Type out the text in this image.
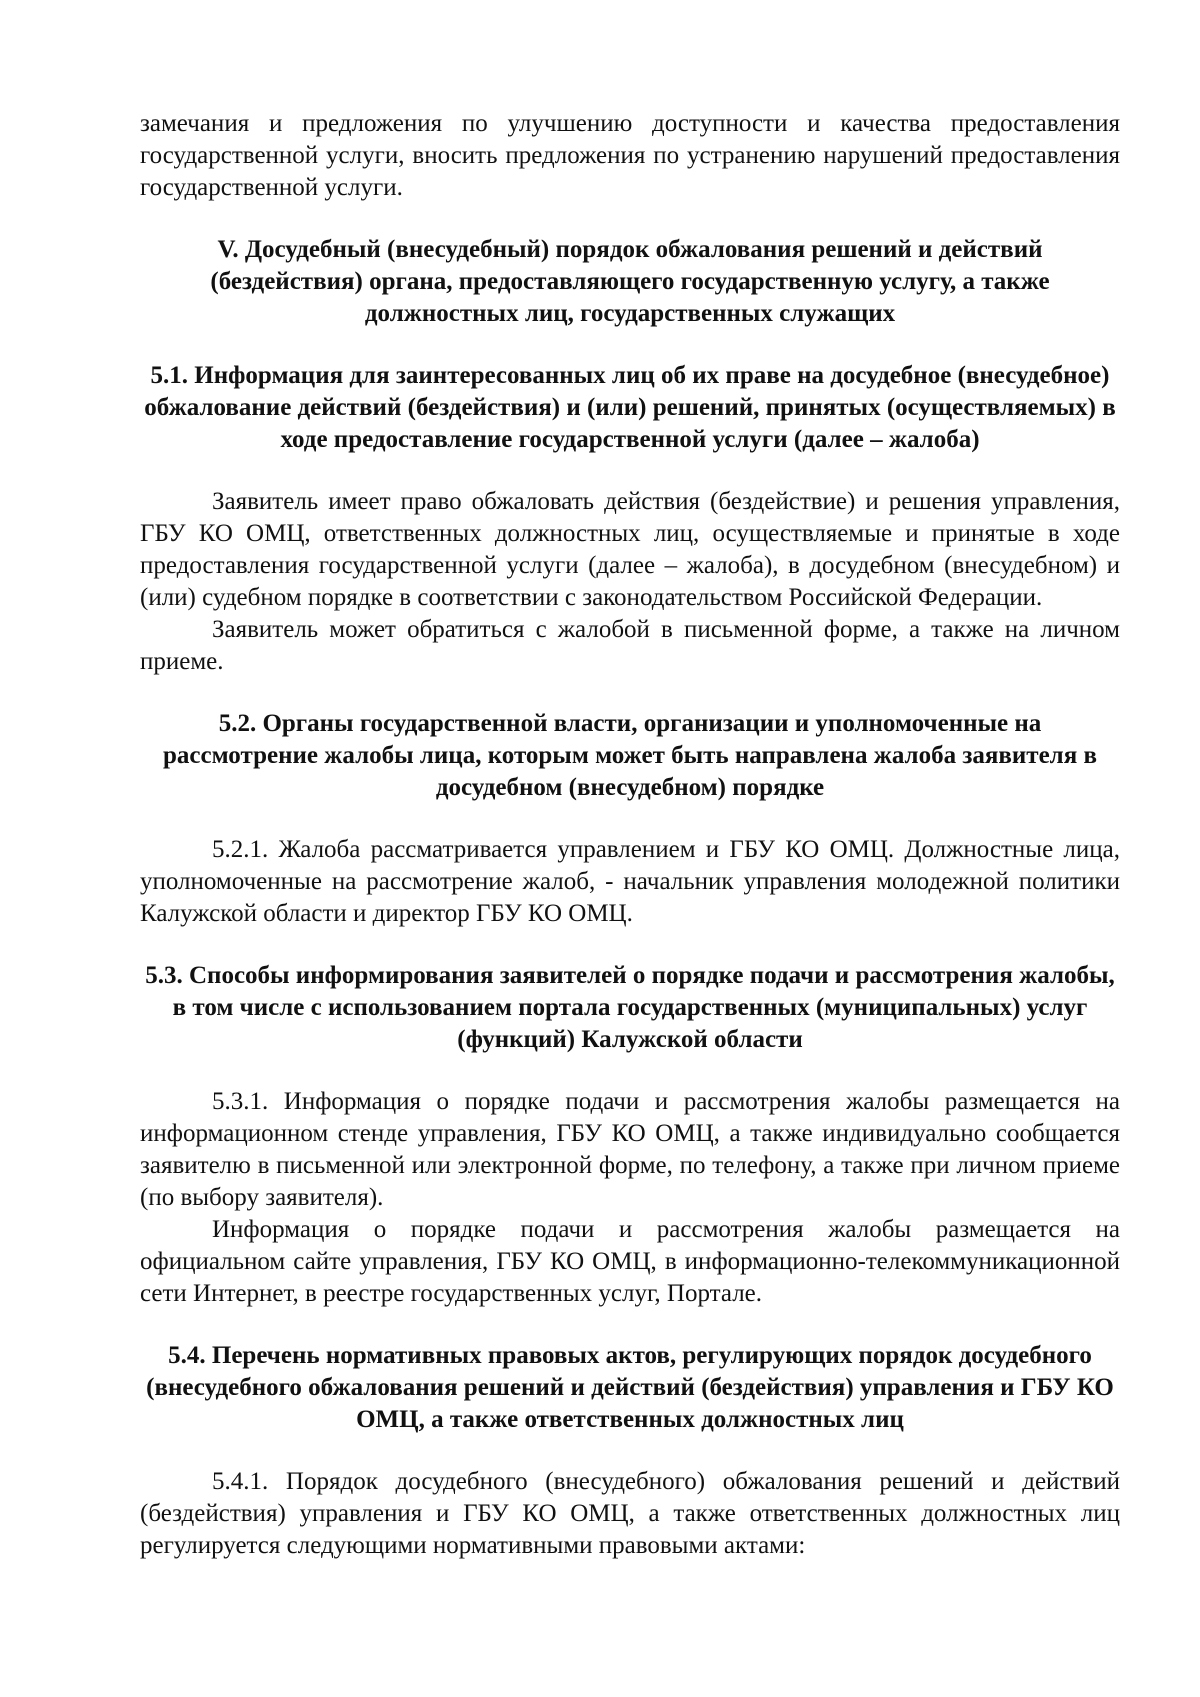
замечания и предложения по улучшению доступности и качества предоставления государственной услуги, вносить предложения по устранению нарушений предоставления государственной услуги.

V. Досудебный (внесудебный) порядок обжалования решений и действий (бездействия) органа, предоставляющего государственную услугу, а также должностных лиц, государственных служащих
5.1. Информация для заинтересованных лиц об их праве на досудебное (внесудебное) обжалование действий (бездействия) и (или) решений, принятых (осуществляемых) в ходе предоставление государственной услуги (далее – жалоба)

Заявитель имеет право обжаловать действия (бездействие) и решения управления, ГБУ КО ОМЦ, ответственных должностных лиц, осуществляемые и принятые в ходе предоставления государственной услуги (далее – жалоба), в досудебном (внесудебном) и (или) судебном порядке в соответствии с законодательством Российской Федерации.

Заявитель может обратиться с жалобой в письменной форме, а также на личном приеме.

5.2. Органы государственной власти, организации и уполномоченные на рассмотрение жалобы лица, которым может быть направлена жалоба заявителя в досудебном (внесудебном) порядке

5.2.1. Жалоба рассматривается управлением и ГБУ КО ОМЦ. Должностные лица, уполномоченные на рассмотрение жалоб, - начальник управления молодежной политики Калужской области и директор ГБУ КО ОМЦ.

5.3. Способы информирования заявителей о порядке подачи и рассмотрения жалобы, в том числе с использованием портала государственных (муниципальных) услуг (функций) Калужской области

5.3.1. Информация о порядке подачи и рассмотрения жалобы размещается на информационном стенде управления, ГБУ КО ОМЦ, а также индивидуально сообщается заявителю в письменной или электронной форме, по телефону, а также при личном приеме (по выбору заявителя).

Информация о порядке подачи и рассмотрения жалобы размещается на официальном сайте управления, ГБУ КО ОМЦ, в информационно-телекоммуникационной сети Интернет, в реестре государственных услуг, Портале.

5.4. Перечень нормативных правовых актов, регулирующих порядок досудебного (внесудебного обжалования решений и действий (бездействия) управления и ГБУ КО ОМЦ, а также ответственных должностных лиц

5.4.1. Порядок досудебного (внесудебного) обжалования решений и действий (бездействия) управления и ГБУ КО ОМЦ, а также ответственных должностных лиц регулируется следующими нормативными правовыми актами:
